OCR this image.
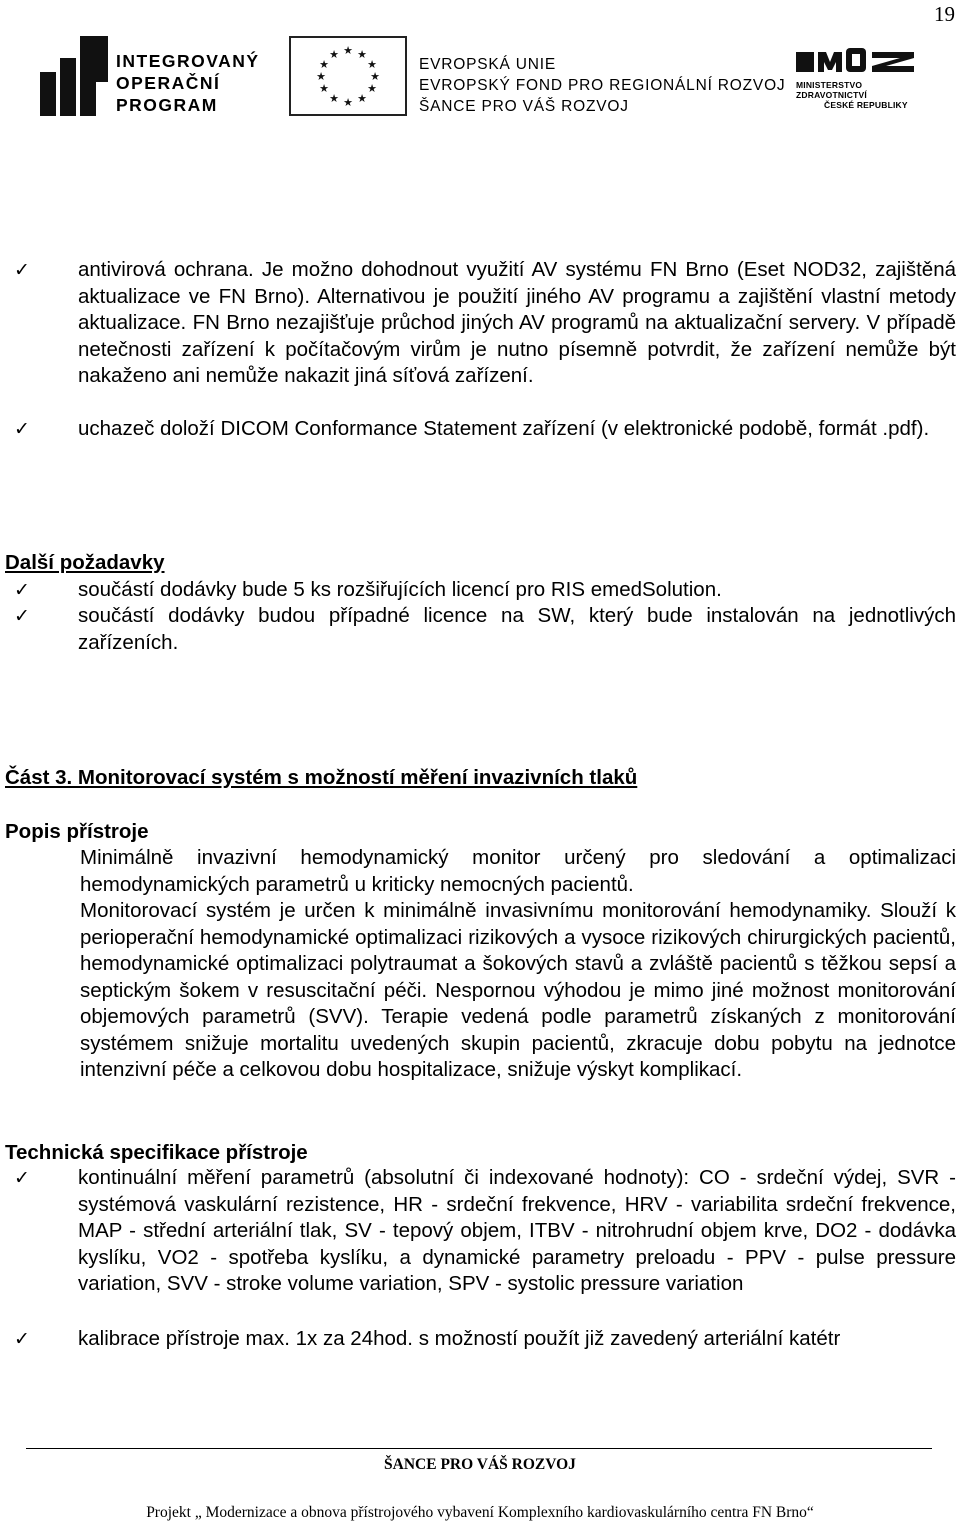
19
INTEGROVANÝ
OPERAČNÍ
PROGRAM
★ ★
★
★
★
★
★
★
★
★
★
★
EVROPSKÁ UNIE
EVROPSKÝ FOND PRO REGIONÁLNÍ ROZVOJ
ŠANCE PRO VÁŠ ROZVOJ
MINISTERSTVO ZDRAVOTNICTVÍ
ČESKÉ REPUBLIKY
✓ antivirová ochrana. Je možno dohodnout využití AV systému FN Brno (Eset NOD32, zajištěná aktualizace ve FN Brno). Alternativou je použití jiného AV programu a zajištění vlastní metody aktualizace. FN Brno nezajišťuje průchod jiných AV programů na aktualizační servery. V případě netečnosti zařízení k počítačovým virům je nutno písemně potvrdit, že zařízení nemůže být nakaženo ani nemůže nakazit jiná síťová zařízení.
✓ uchazeč doloží DICOM Conformance Statement zařízení (v elektronické podobě, formát .pdf).
Další požadavky
✓ součástí dodávky bude 5 ks rozšiřujících licencí pro RIS emedSolution.
✓ součástí dodávky budou případné licence na SW, který bude instalován na jednotlivých zařízeních.
Část 3. Monitorovací systém s možností měření invazivních tlaků
Popis přístroje

Minimálně invazivní hemodynamický monitor určený pro sledování a optimalizaci hemodynamických parametrů u kriticky nemocných pacientů.

Monitorovací systém je určen k minimálně invasivnímu monitorování hemodynamiky. Slouží k perioperační hemodynamické optimalizaci rizikových a vysoce rizikových chirurgických pacientů, hemodynamické optimalizaci polytraumat a šokových stavů a zvláště pacientů s těžkou sepsí a septickým šokem v resuscitační péči. Nespornou výhodou je mimo jiné možnost monitorování objemových parametrů (SVV). Terapie vedená podle parametrů získaných z monitorování systémem snižuje mortalitu uvedených skupin pacientů, zkracuje dobu pobytu na jednotce intenzivní péče a celkovou dobu hospitalizace, snižuje výskyt komplikací.

Technická specifikace přístroje
✓ kontinuální měření parametrů (absolutní či indexované hodnoty): CO - srdeční výdej, SVR - systémová vaskulární rezistence, HR - srdeční frekvence, HRV - variabilita srdeční frekvence, MAP - střední arteriální tlak, SV - tepový objem, ITBV - nitrohrudní objem krve, DO2 - dodávka kyslíku, VO2 - spotřeba kyslíku, a dynamické parametry preloadu - PPV - pulse pressure variation, SVV - stroke volume variation, SPV - systolic pressure variation
✓ kalibrace přístroje max. 1x za 24hod. s možností použít již zavedený arteriální katétr
ŠANCE PRO VÁŠ ROZVOJ
Projekt „ Modernizace a obnova přístrojového vybavení Komplexního kardiovaskulárního centra FN Brno“
